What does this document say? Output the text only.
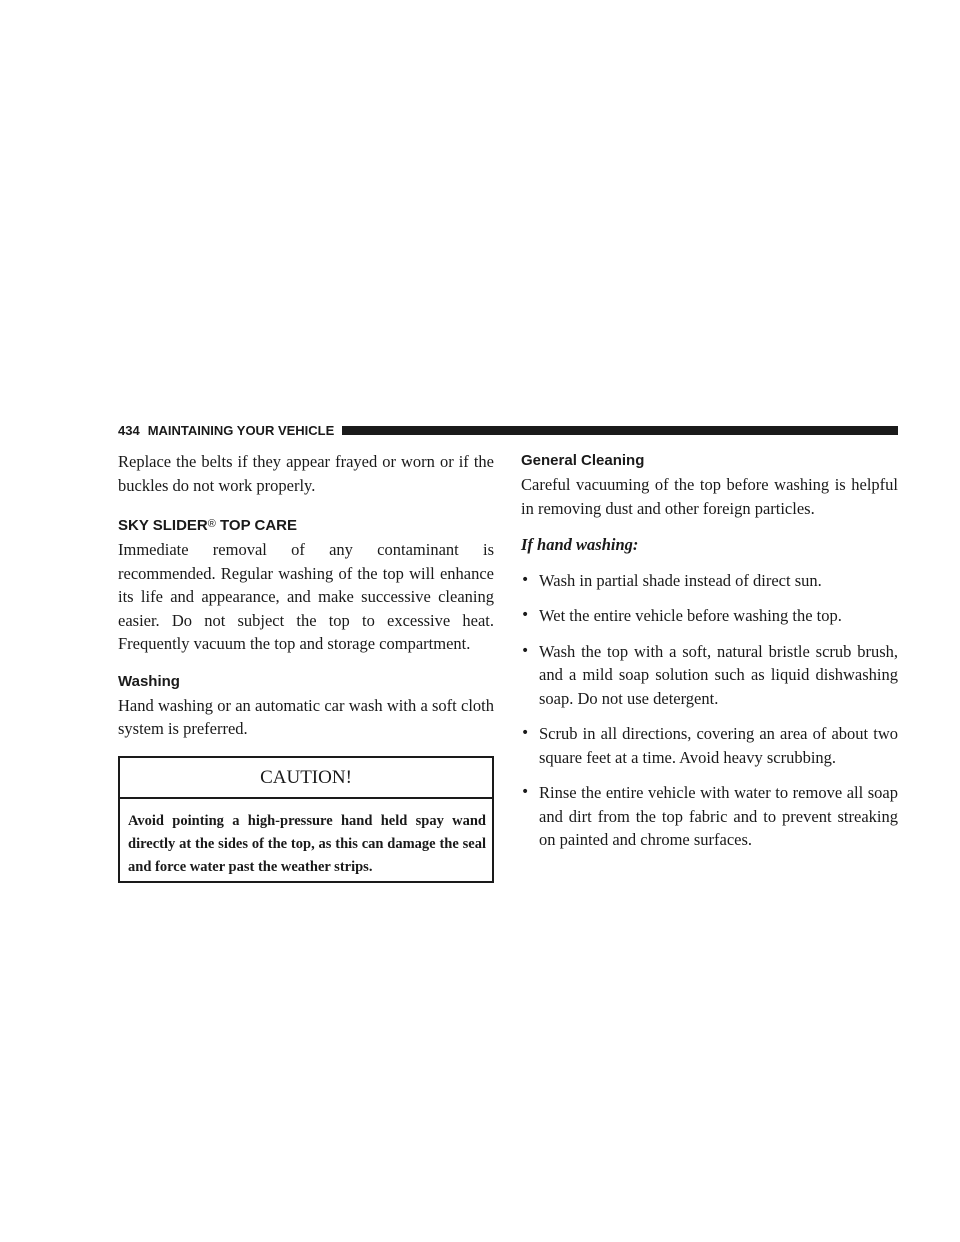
434 MAINTAINING YOUR VEHICLE

Replace the belts if they appear frayed or worn or if the buckles do not work properly.

SKY SLIDER® TOP CARE

Immediate removal of any contaminant is recommended. Regular washing of the top will enhance its life and appearance, and make successive cleaning easier. Do not subject the top to excessive heat. Frequently vacuum the top and storage compartment.

Washing

Hand washing or an automatic car wash with a soft cloth system is preferred.

CAUTION!
Avoid pointing a high-pressure hand held spay wand directly at the sides of the top, as this can damage the seal and force water past the weather strips.
General Cleaning

Careful vacuuming of the top before washing is helpful in removing dust and other foreign particles.

If hand washing:

• Wash in partial shade instead of direct sun.
• Wet the entire vehicle before washing the top.
• Wash the top with a soft, natural bristle scrub brush, and a mild soap solution such as liquid dishwashing soap. Do not use detergent.
• Scrub in all directions, covering an area of about two square feet at a time. Avoid heavy scrubbing.
• Rinse the entire vehicle with water to remove all soap and dirt from the top fabric and to prevent streaking on painted and chrome surfaces.
